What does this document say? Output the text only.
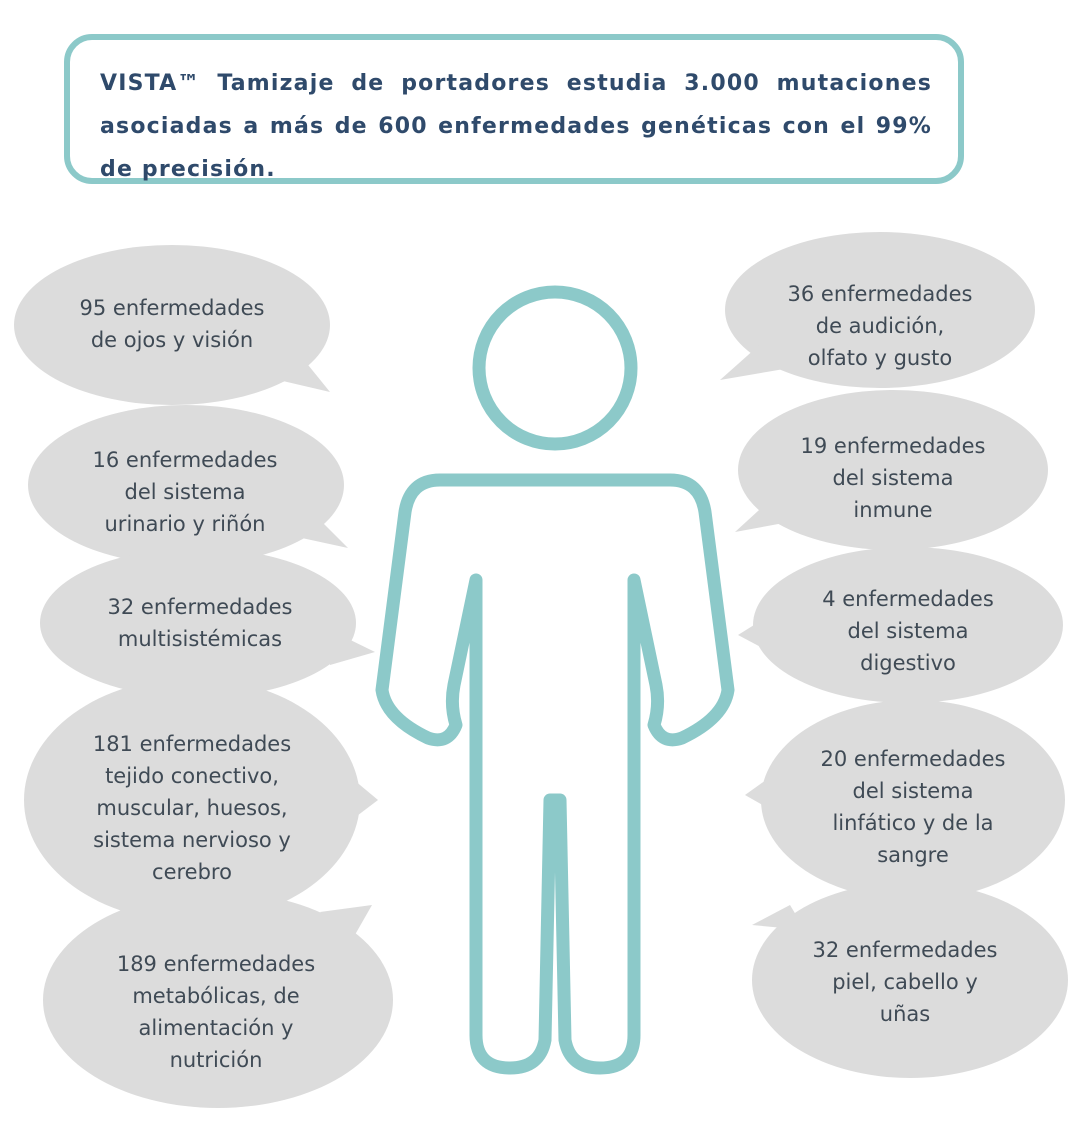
VISTA™ Tamizaje de portadores estudia 3.000 mutaciones asociadas a más de 600 enfermedades genéticas con el 99% de precisión.
95 enfermedades
de ojos y visión
16 enfermedades
del sistema
urinario y riñón
32 enfermedades
multisistémicas
181 enfermedades
tejido conectivo,
muscular, huesos,
sistema nervioso y
cerebro
189 enfermedades
metabólicas, de
alimentación y
nutrición
36 enfermedades
de audición,
olfato y gusto
19 enfermedades
del sistema
inmune
4 enfermedades
del sistema
digestivo
20 enfermedades
del sistema
linfático y de la
sangre
32 enfermedades
piel, cabello y
uñas
